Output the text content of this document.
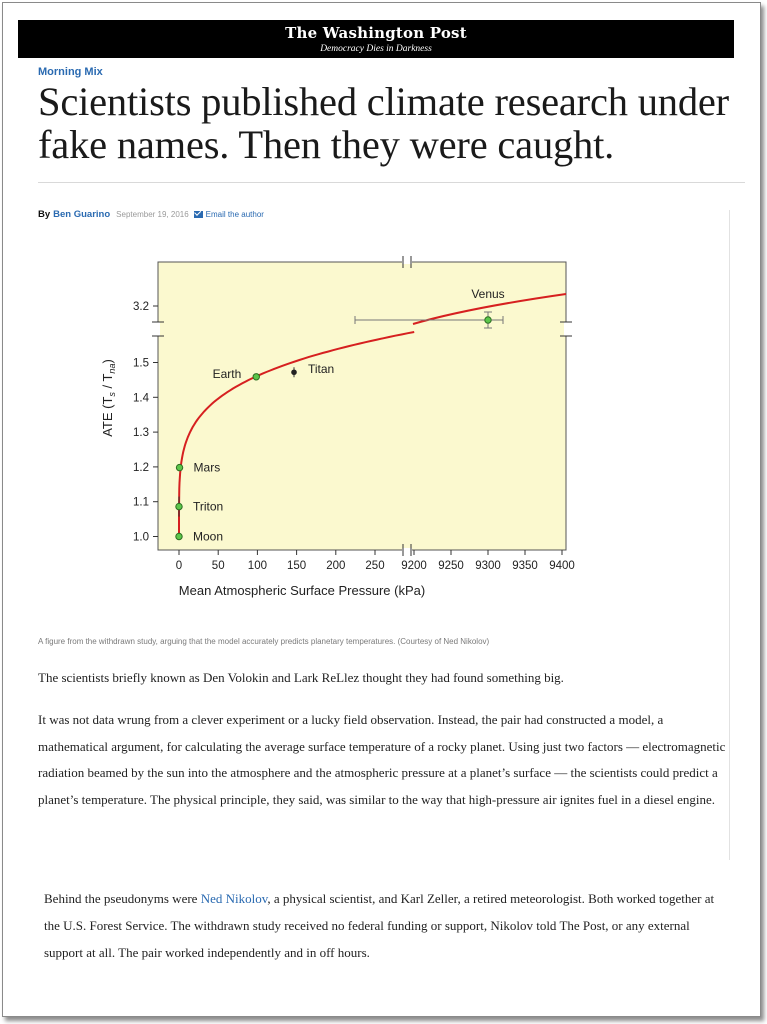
The Washington Post
Democracy Dies in Darkness
Morning Mix
Scientists published climate research under fake names. Then they were caught.
By Ben Guarino September 19, 2016 Email the author
0	50 100 150 200 250 9200 9250 9300 9350 9400
1.0
1.1
1.2
1.3
1.4
1.5
3.2
Mean Atmospheric Surface Pressure (kPa)
ATE $(T_s / T_{na})$
Moon
Triton
Mars
Earth	Titan
Venus
A figure from the withdrawn study, arguing that the model accurately predicts planetary temperatures. (Courtesy of Ned Nikolov)

The scientists briefly known as Den Volokin and Lark ReLlez thought they had found something big.

It was not data wrung from a clever experiment or a lucky field observation. Instead, the pair had constructed a model, a mathematical argument, for calculating the average surface temperature of a rocky planet. Using just two factors — electromagnetic radiation beamed by the sun into the atmosphere and the atmospheric pressure at a planet’s surface — the scientists could predict a planet’s temperature. The physical principle, they said, was similar to the way that high-pressure air ignites fuel in a diesel engine.

Behind the pseudonyms were Ned Nikolov, a physical scientist, and Karl Zeller, a retired meteorologist. Both worked together at the U.S. Forest Service. The withdrawn study received no federal funding or support, Nikolov told The Post, or any external support at all. The pair worked independently and in off hours.
